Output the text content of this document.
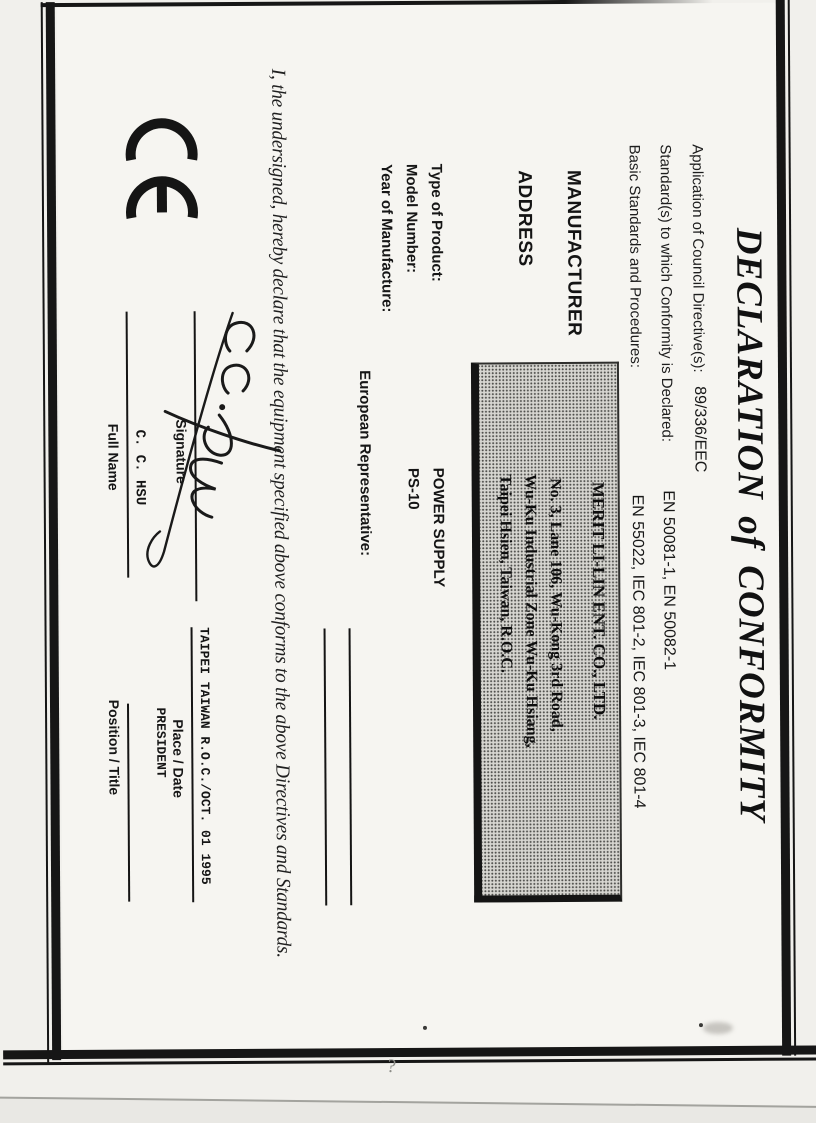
DECLARATION of CONFORMITY
Application of Council Directive(s):
89/336/EEC
Standard(s) to which Conformity is Declared:
EN 50081-1, EN 50082-1
Basic Standards and Procedures:
EN 55022, IEC 801-2, IEC 801-3, IEC 801-4
MANUFACTURER
ADDRESS
MERIT LI-LIN ENT. CO., LTD.
No. 3, Lane 106, Wu-Kong 3rd Road,
Wu-Ku Industrial Zone Wu-Ku Hsiang,
Taipei Hsien, Taiwan, R.O.C.
Type of Product:
POWER SUPPLY
Model Number:
PS-10
Year of Manufacture:
European Representative:
I, the undersigned, hereby declare that the equipment specified above conforms to the above Directives and Standards.
Signature
C. C. HSU
Full Name
TAIPEI TAIWAN R.O.C./OCT. 01 1995
Place / Date
PRESIDENT
Position / Title
?
